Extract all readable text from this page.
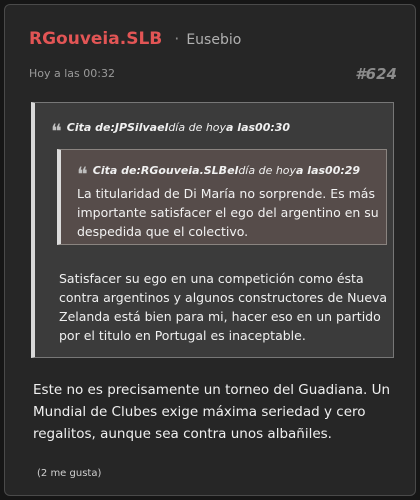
RGouveia.SLB · Eusebio
Hoy a las 00:32	#624
❝ Cita de: JPSilva el día de hoy a las 00:30
❝ Cita de: RGouveia.SLB el día de hoy a las 00:29
La titularidad de Di María no sorprende. Es más importante satisfacer el ego del argentino en su despedida que el colectivo.
Satisfacer su ego en una competición como ésta contra argentinos y algunos constructores de Nueva Zelanda está bien para mi, hacer eso en un partido por el titulo en Portugal es inaceptable.
Este no es precisamente un torneo del Guadiana. Un Mundial de Clubes exige máxima seriedad y cero regalitos, aunque sea contra unos albañiles.
(2 me gusta)
